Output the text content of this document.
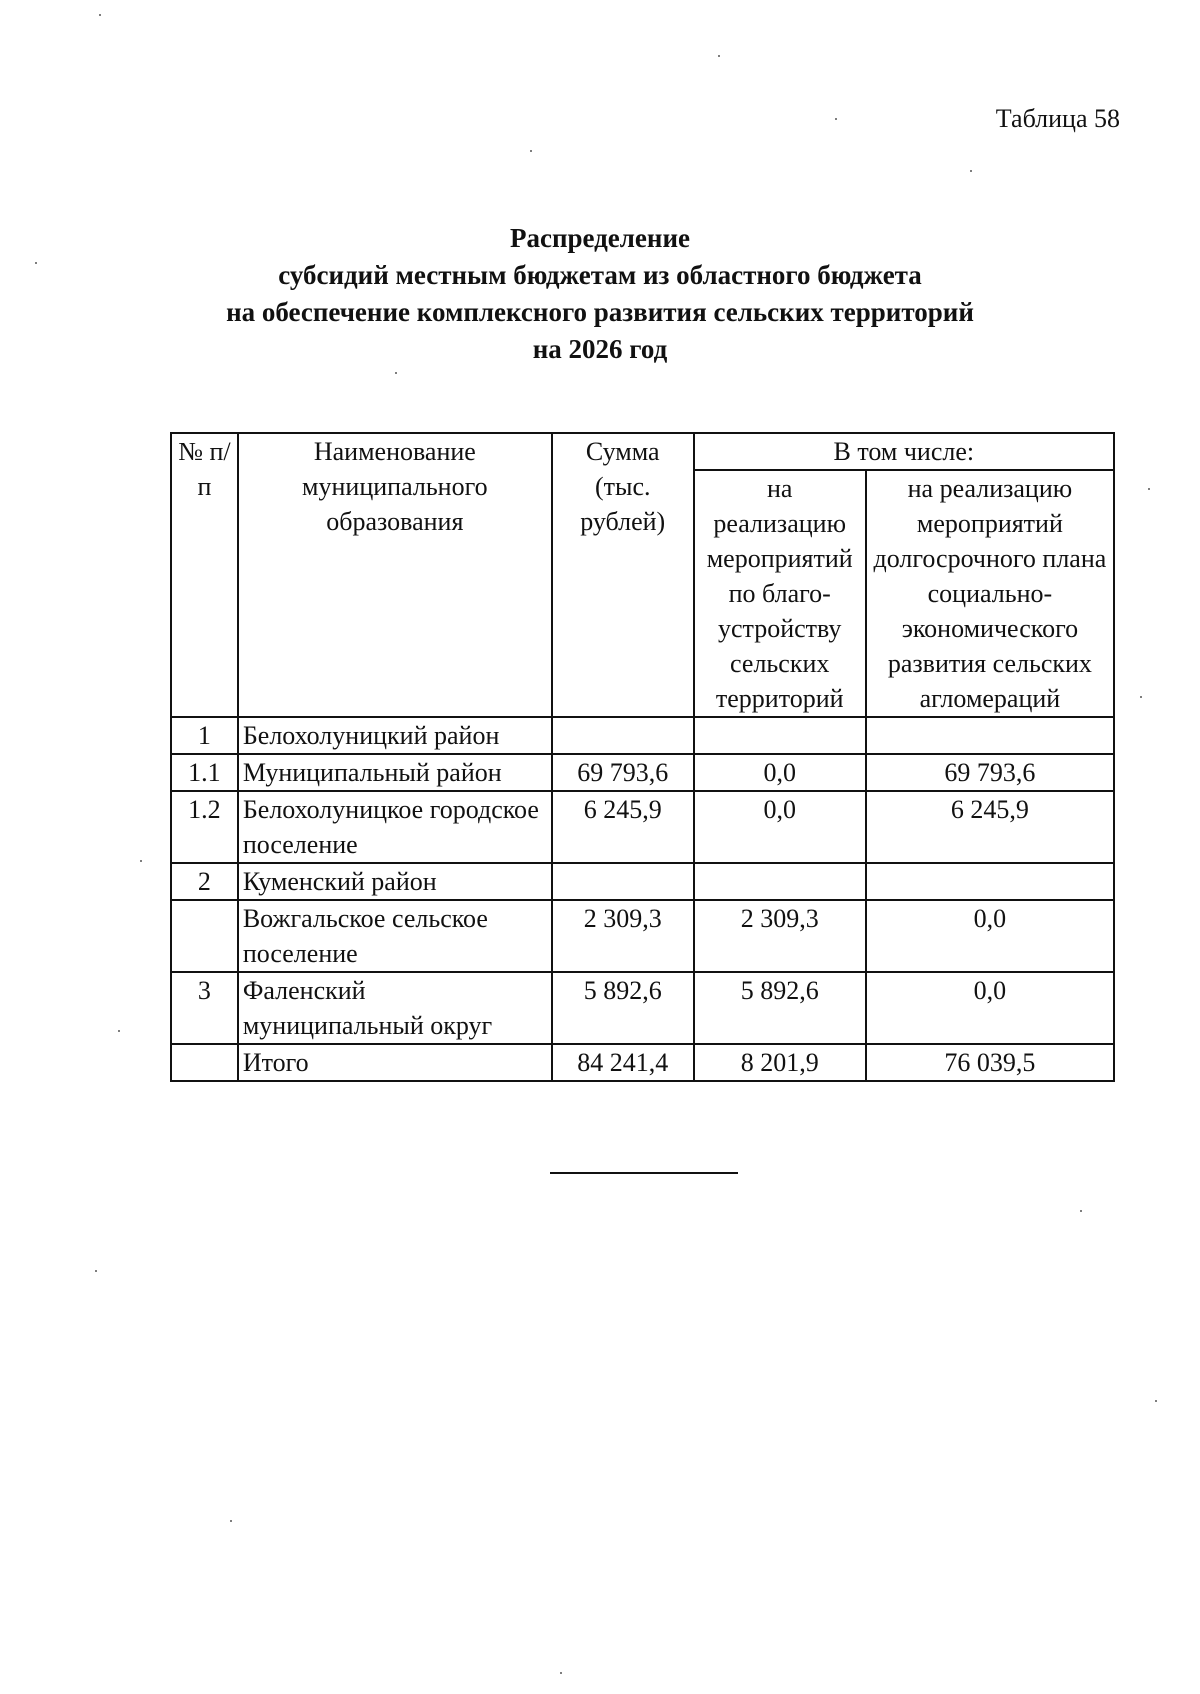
Таблица 58
Распределение
субсидий местным бюджетам из областного бюджета
на обеспечение комплексного развития сельских территорий
на 2026 год
№ п/п	Наименование муниципального образования	Сумма (тыс. рублей)	В том числе:	
			на реализацию мероприятий по благо-устройству сельских территорий	на реализацию мероприятий долгосрочного плана социально-экономического развития сельских агломераций
1	Белохолуницкий район			
1.1	Муниципальный район	69 793,6	0,0	69 793,6
1.2	Белохолуницкое городское поселение	6 245,9	0,0	6 245,9
2	Куменский район			
	Вожгальское сельское поселение	2 309,3	2 309,3	0,0
3	Фаленский муниципальный округ	5 892,6	5 892,6	0,0
	Итого	84 241,4	8 201,9	76 039,5
